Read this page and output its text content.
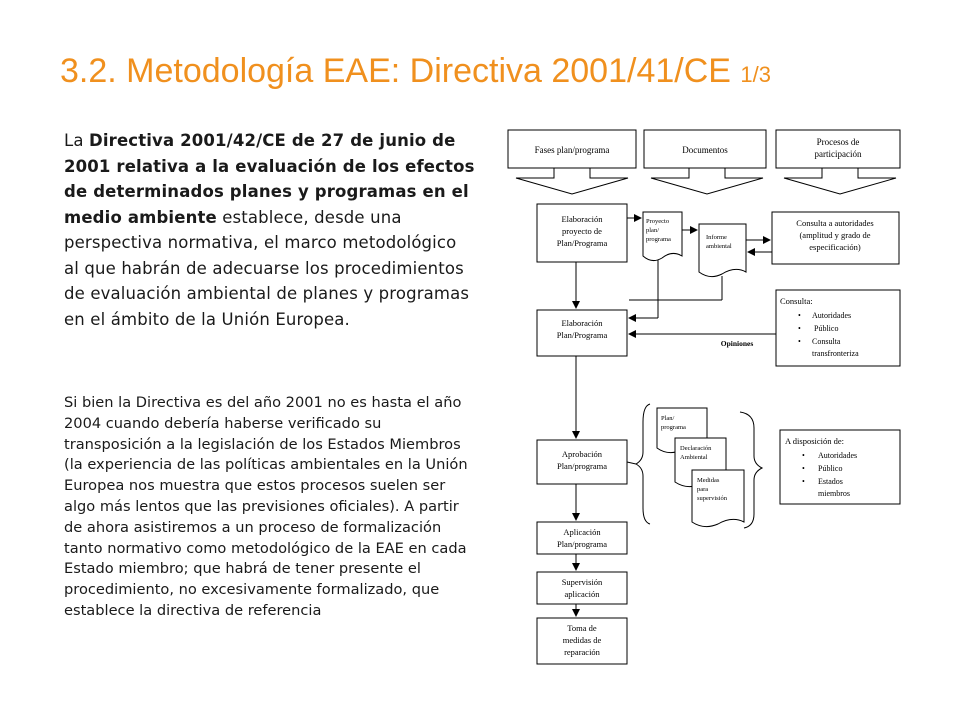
3.2. Metodología EAE: Directiva 2001/41/CE 1/3
La Directiva 2001/42/CE de 27 de junio de 2001 relativa a la evaluación de los efectos de determinados planes y programas en el medio ambiente establece, desde una perspectiva normativa, el marco metodológico al que habrán de adecuarse los procedimientos de evaluación ambiental de planes y programas en el ámbito de la Unión Europea.
Si bien la Directiva es del año 2001 no es hasta el año 2004 cuando debería haberse verificado su transposición a la legislación de los Estados Miembros (la experiencia de las políticas ambientales en la Unión Europea nos muestra que estos procesos suelen ser algo más lentos que las previsiones oficiales). A partir de ahora asistiremos a un proceso de formalización tanto normativo como metodológico de la EAE en cada Estado miembro; que habrá de tener presente el procedimiento, no excesivamente formalizado, que establece la directiva de referencia
Fases plan/programa	Documentos
Procesos de
participación
Elaboración
proyecto de
Plan/Programa
Proyecto
plan/
programa	Informe
ambiental
Consulta a autoridades
(amplitud y grado de
especificación)
Elaboración
Plan/Programa
Opiniones
Consulta:
• Autoridades
• Público
• Consulta
transfronteriza
Plan/
programa
Declaración
Ambiental
Medidas
para
supervisión
A disposición de:
• Autoridades
• Público
• Estados
miembros
Aprobación
Plan/programa
Aplicación
Plan/programa
Supervisión
aplicación
Toma de
medidas de
reparación
